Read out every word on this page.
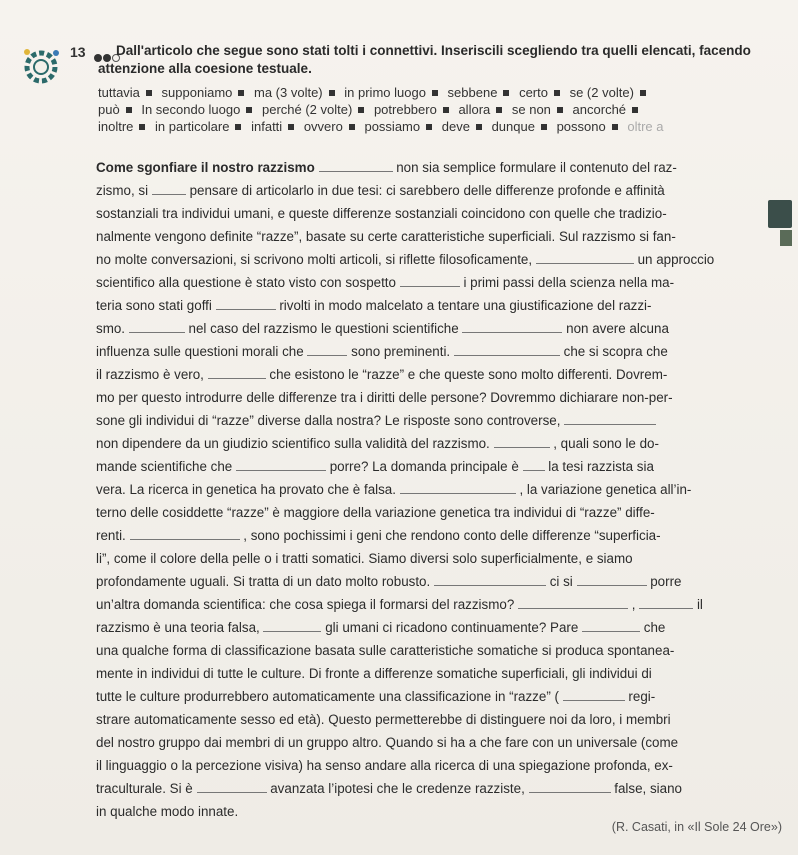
13	Dall'articolo che segue sono stati tolti i connettivi. Inseriscili scegliendo tra quelli elencati, facendo attenzione alla coesione testuale.
tuttavia supponiamo ma (3 volte) in primo luogo sebbene certo se (2 volte)
può In secondo luogo perché (2 volte) potrebbero allora se non ancorché
inoltre in particolare infatti ovvero possiamo deve dunque possono oltre a
Come sgonfiare il nostro razzismo	non sia semplice formulare il contenuto del raz-
zismo, si	pensare di articolarlo in due tesi: ci sarebbero delle differenze profonde e affinità
sostanziali tra individui umani, e queste differenze sostanziali coincidono con quelle che tradizio-
nalmente vengono definite “razze”, basate su certe caratteristiche superficiali. Sul razzismo si fan-
no molte conversazioni, si scrivono molti articoli, si riflette filosoficamente,	un approccio
scientifico alla questione è stato visto con sospetto	i primi passi della scienza nella ma-
teria sono stati goffi	rivolti in modo malcelato a tentare una giustificazione del razzi-
smo.	nel caso del razzismo le questioni scientifiche	non avere alcuna
influenza sulle questioni morali che	sono preminenti.	che si scopra che
il razzismo è vero,	che esistono le “razze” e che queste sono molto differenti. Dovrem-
mo per questo introdurre delle differenze tra i diritti delle persone? Dovremmo dichiarare non-per-
sone gli individui di “razze” diverse dalla nostra? Le risposte sono controverse,
non dipendere da un giudizio scientifico sulla validità del razzismo.	, quali sono le do-
mande scientifiche che	porre? La domanda principale è la tesi razzista sia
vera. La ricerca in genetica ha provato che è falsa.	, la variazione genetica all’in-
terno delle cosiddette “razze” è maggiore della variazione genetica tra individui di “razze” diffe-
renti.	, sono pochissimi i geni che rendono conto delle differenze “superficia-
li”, come il colore della pelle o i tratti somatici. Siamo diversi solo superficialmente, e siamo
profondamente uguali. Si tratta di un dato molto robusto.	ci si	porre
un’altra domanda scientifica: che cosa spiega il formarsi del razzismo?	,	il
razzismo è una teoria falsa,	gli umani ci ricadono continuamente? Pare	che
una qualche forma di classificazione basata sulle caratteristiche somatiche si produca spontanea-
mente in individui di tutte le culture. Di fronte a differenze somatiche superficiali, gli individui di
tutte le culture produrrebbero automaticamente una classificazione in “razze” (	regi-
strare automaticamente sesso ed età). Questo permetterebbe di distinguere noi da loro, i membri
del nostro gruppo dai membri di un gruppo altro. Quando si ha a che fare con un universale (come
il linguaggio o la percezione visiva) ha senso andare alla ricerca di una spiegazione profonda, ex-
traculturale. Si è	avanzata l’ipotesi che le credenze razziste,	false, siano
in qualche modo innate.
(R. Casati, in «Il Sole 24 Ore»)
